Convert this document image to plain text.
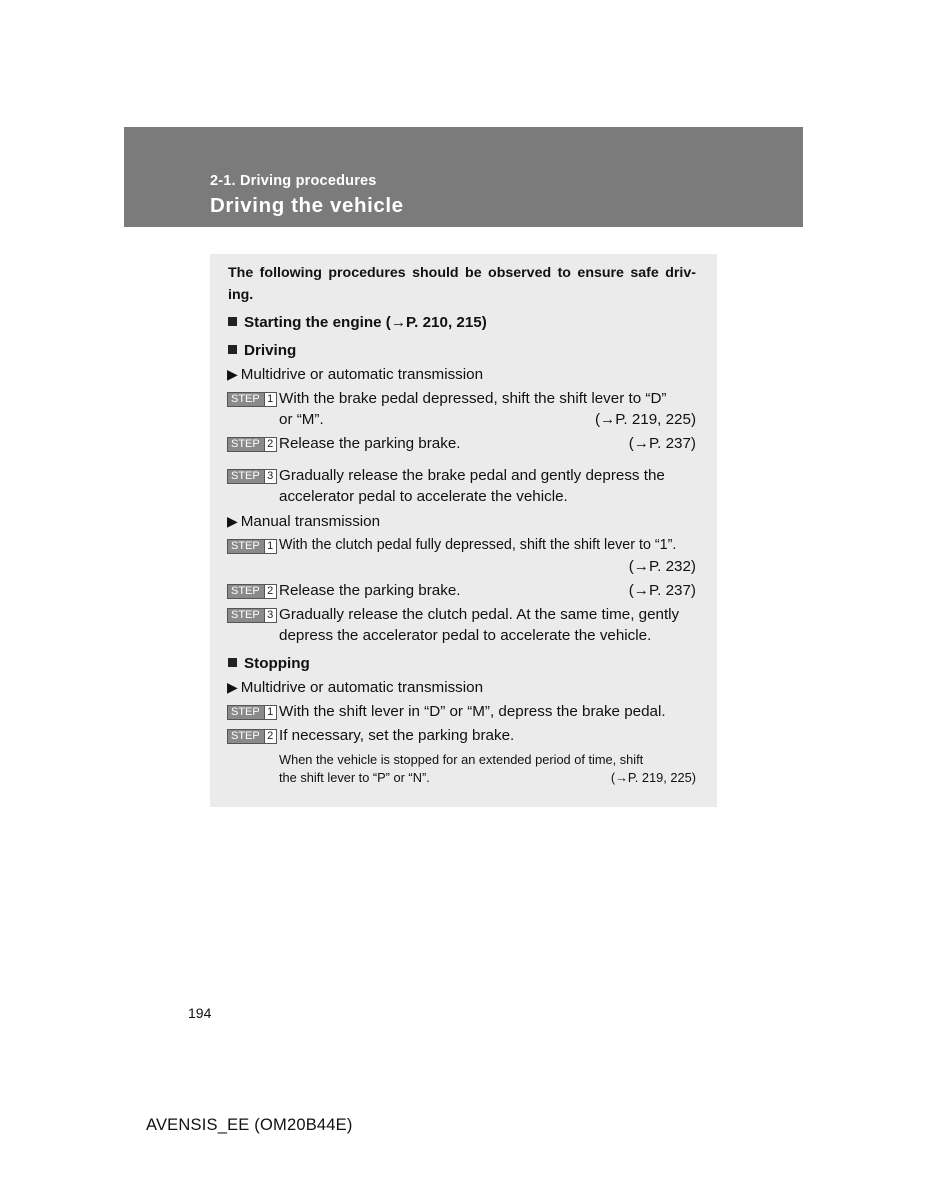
2-1. Driving procedures
Driving the vehicle
The following procedures should be observed to ensure safe driv-ing.
Starting the engine (→P. 210, 215)
Driving
▶ Multidrive or automatic transmission
STEP 1 With the brake pedal depressed, shift the shift lever to “D”
or “M”.	(→P. 219, 225)
STEP 2 Release the parking brake.	(→P. 237)
STEP 3 Gradually release the brake pedal and gently depress the
accelerator pedal to accelerate the vehicle.
▶ Manual transmission
STEP 1 With the clutch pedal fully depressed, shift the shift lever to “1”.
(→P. 232)
STEP 2 Release the parking brake.	(→P. 237)
STEP 3 Gradually release the clutch pedal. At the same time, gently
depress the accelerator pedal to accelerate the vehicle.
Stopping
▶ Multidrive or automatic transmission
STEP 1 With the shift lever in “D” or “M”, depress the brake pedal.
STEP 2 If necessary, set the parking brake.
When the vehicle is stopped for an extended period of time, shift
the shift lever to “P” or “N”.	(→P. 219, 225)
194
AVENSIS_EE (OM20B44E)
